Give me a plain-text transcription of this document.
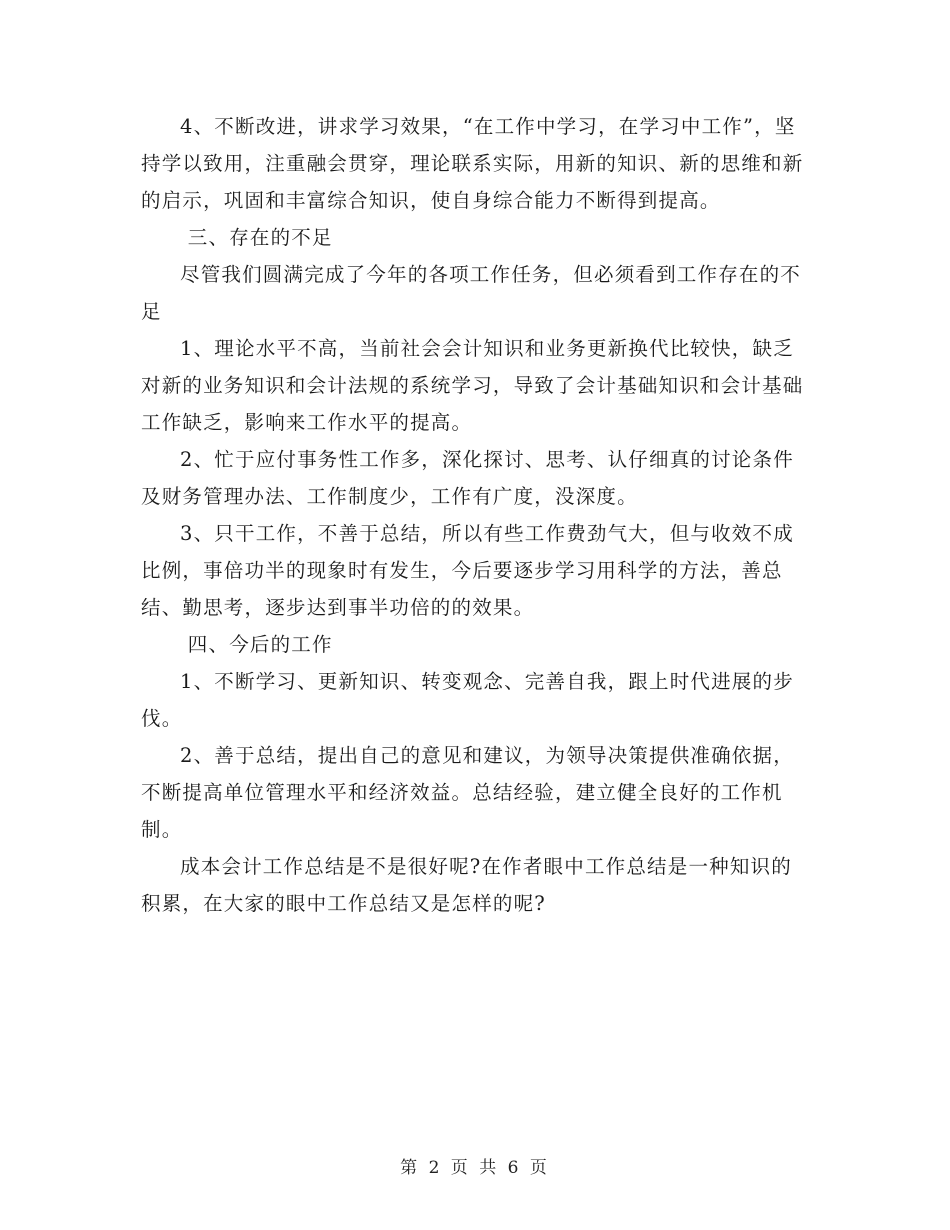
4、不断改进，讲求学习效果，“在工作中学习，在学习中工作”，坚持学以致用，注重融会贯穿，理论联系实际，用新的知识、新的思维和新的启示，巩固和丰富综合知识，使自身综合能力不断得到提高。

三、存在的不足

尽管我们圆满完成了今年的各项工作任务，但必须看到工作存在的不足

1、理论水平不高，当前社会会计知识和业务更新换代比较快，缺乏对新的业务知识和会计法规的系统学习，导致了会计基础知识和会计基础工作缺乏，影响来工作水平的提高。

2、忙于应付事务性工作多，深化探讨、思考、认仔细真的讨论条件及财务管理办法、工作制度少，工作有广度，没深度。

3、只干工作，不善于总结，所以有些工作费劲气大，但与收效不成比例，事倍功半的现象时有发生，今后要逐步学习用科学的方法，善总结、勤思考，逐步达到事半功倍的的效果。

四、今后的工作

1、不断学习、更新知识、转变观念、完善自我，跟上时代进展的步伐。

2、善于总结，提出自己的意见和建议，为领导决策提供准确依据，不断提高单位管理水平和经济效益。总结经验，建立健全良好的工作机制。

成本会计工作总结是不是很好呢?在作者眼中工作总结是一种知识的积累，在大家的眼中工作总结又是怎样的呢?

第 2 页 共 6 页
